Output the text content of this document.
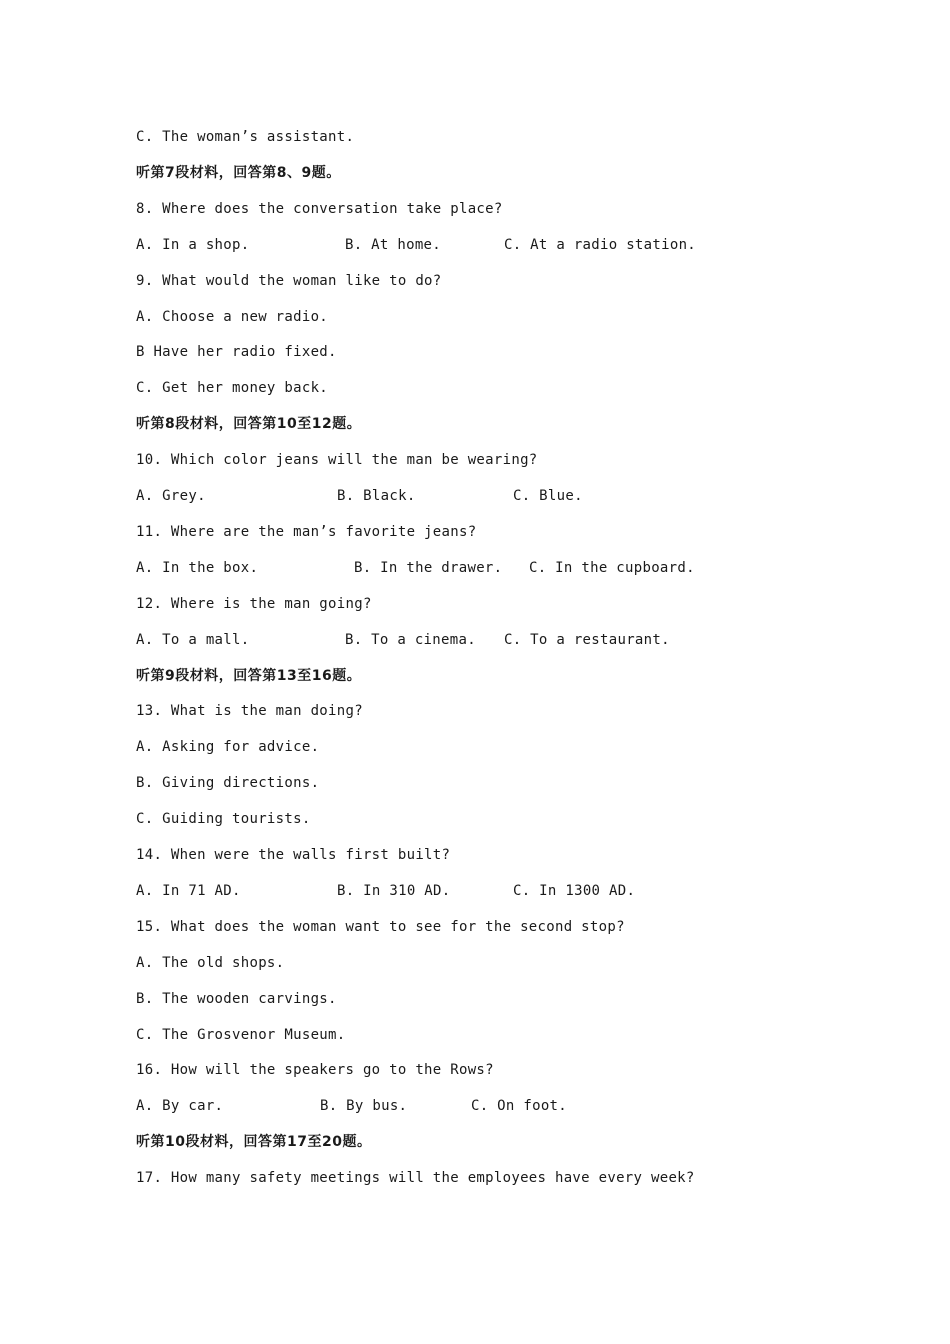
C. The woman’s assistant.
听第7段材料，回答第8、9题。
8. Where does the conversation take place?
A. In a shop.	B. At home.	C. At a radio station.
9. What would the woman like to do?
A. Choose a new radio.
B Have her radio fixed.
C. Get her money back.
听第8段材料，回答第10至12题。
10. Which color jeans will the man be wearing?
A. Grey.	B. Black.	C. Blue.
11. Where are the man’s favorite jeans?
A. In the box.	B. In the drawer. C. In the cupboard.
12. Where is the man going?
A. To a mall.	B. To a cinema. C. To a restaurant.
听第9段材料，回答第13至16题。
13. What is the man doing?
A. Asking for advice.
B. Giving directions.
C. Guiding tourists.
14. When were the walls first built?
A. In 71 AD.	B. In 310 AD.	C. In 1300 AD.
15. What does the woman want to see for the second stop?
A. The old shops.
B. The wooden carvings.
C. The Grosvenor Museum.
16. How will the speakers go to the Rows?
A. By car.	B. By bus.	C. On foot.
听第10段材料，回答第17至20题。
17. How many safety meetings will the employees have every week?
